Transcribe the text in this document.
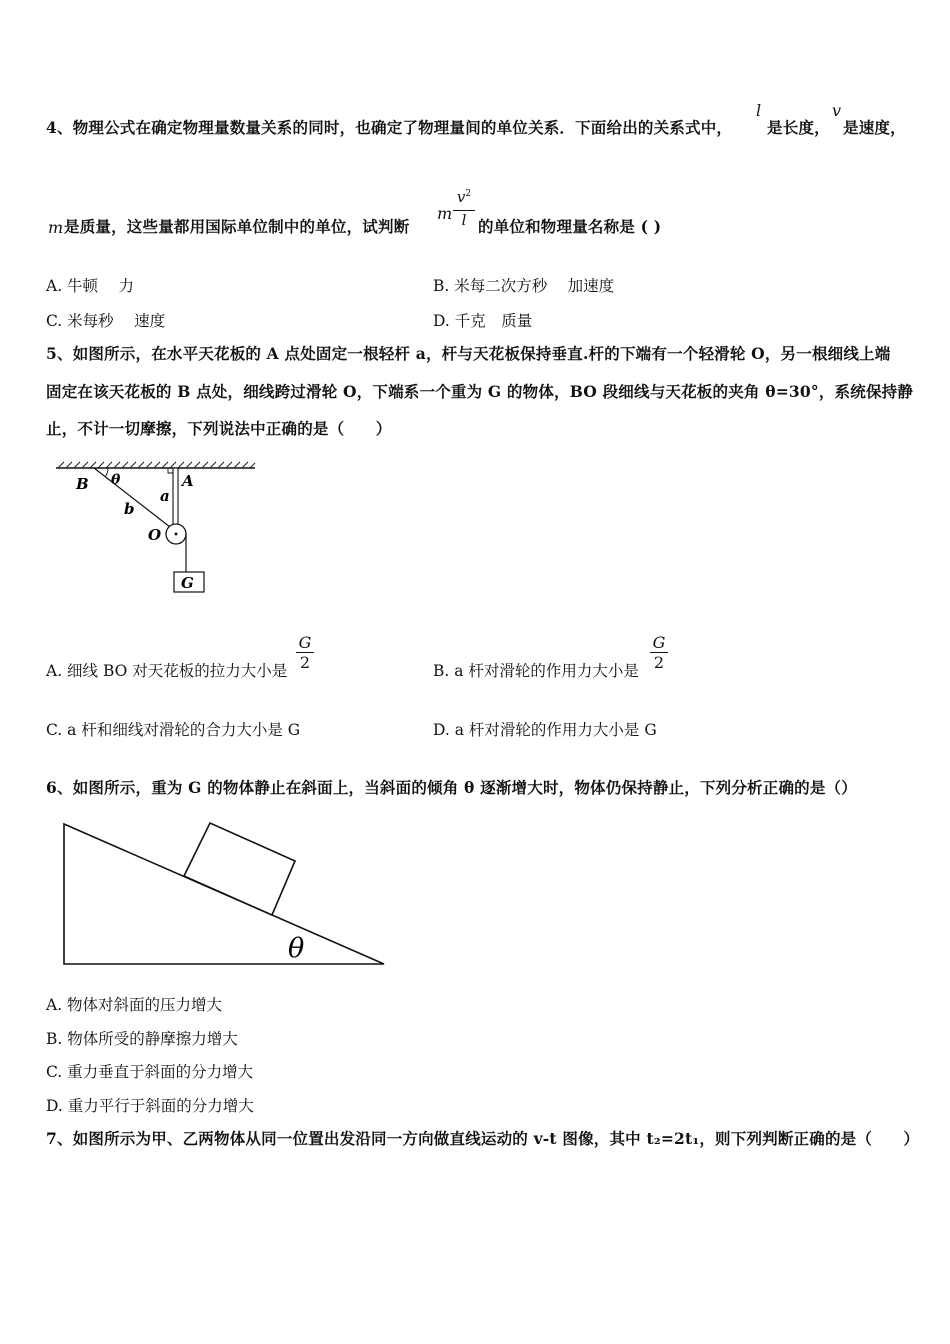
4、物理公式在确定物理量数量关系的同时，也确定了物理量间的单位关系．下面给出的关系式中，
l
是长度，
v
是速度，
m 是质量，这些量都用国际单位制中的单位，试判断
m
$v^2$
l 的单位和物理量名称是 ( )
A. 牛顿　 力	B. 米每二次方秒　 加速度
C. 米每秒　 速度	D. 千克　质量
5、如图所示，在水平天花板的 A 点处固定一根轻杆 a，杆与天花板保持垂直.杆的下端有一个轻滑轮 O，另一根细线上端
固定在该天花板的 B 点处，细线跨过滑轮 O，下端系一个重为 G 的物体，BO 段细线与天花板的夹角 θ=30°，系统保持静
止，不计一切摩擦，下列说法中正确的是（　　）
G
B θ	A
a
b
O
A. 细线 BO 对天花板的拉力大小是
G
2	B. a 杆对滑轮的作用力大小是
G
2
C. a 杆和细线对滑轮的合力大小是 G	D. a 杆对滑轮的作用力大小是 G
6、如图所示，重为 G 的物体静止在斜面上，当斜面的倾角 θ 逐渐增大时，物体仍保持静止，下列分析正确的是（）
θ
A. 物体对斜面的压力增大
B. 物体所受的静摩擦力增大
C. 重力垂直于斜面的分力增大
D. 重力平行于斜面的分力增大
7、如图所示为甲、乙两物体从同一位置出发沿同一方向做直线运动的 v-t 图像，其中 t₂=2t₁，则下列判断正确的是（　　）
